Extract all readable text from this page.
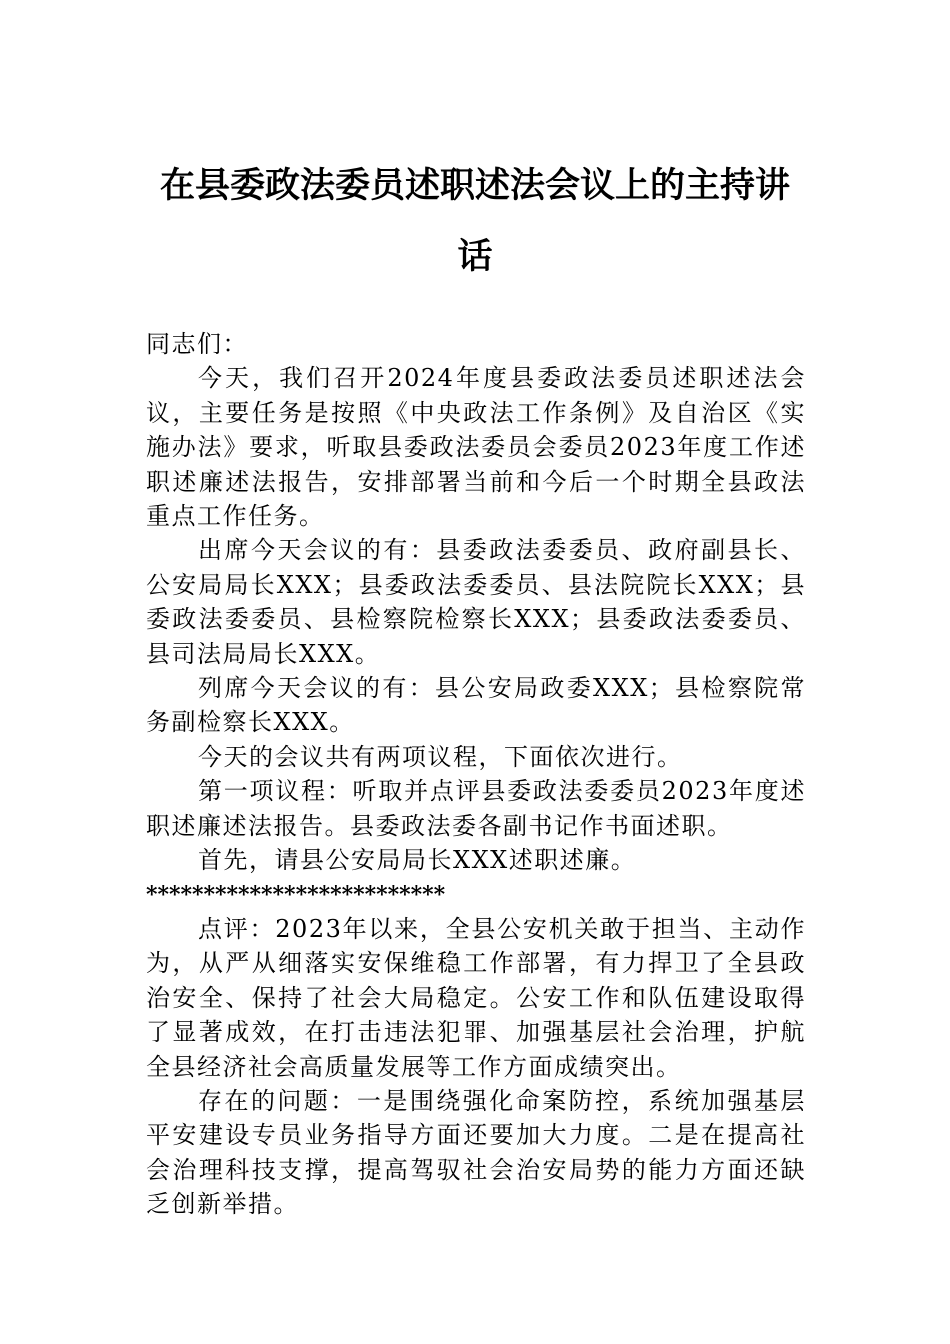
在县委政法委员述职述法会议上的主持讲
话

同志们：

今天，我们召开2024年度县委政法委员述职述法会议，主要任务是按照《中央政法工作条例》及自治区《实施办法》要求，听取县委政法委员会委员2023年度工作述职述廉述法报告，安排部署当前和今后一个时期全县政法重点工作任务。

出席今天会议的有：县委政法委委员、政府副县长、公安局局长XXX；县委政法委委员、县法院院长XXX；县委政法委委员、县检察院检察长XXX；县委政法委委员、县司法局局长XXX。

列席今天会议的有：县公安局政委XXX；县检察院常务副检察长XXX。

今天的会议共有两项议程，下面依次进行。

第一项议程：听取并点评县委政法委委员2023年度述职述廉述法报告。县委政法委各副书记作书面述职。

首先，请县公安局局长XXX述职述廉。

**************************

点评：2023年以来，全县公安机关敢于担当、主动作为，从严从细落实安保维稳工作部署，有力捍卫了全县政治安全、保持了社会大局稳定。公安工作和队伍建设取得了显著成效，在打击违法犯罪、加强基层社会治理，护航全县经济社会高质量发展等工作方面成绩突出。

存在的问题：一是围绕强化命案防控，系统加强基层平安建设专员业务指导方面还要加大力度。二是在提高社会治理科技支撑，提高驾驭社会治安局势的能力方面还缺乏创新举措。
